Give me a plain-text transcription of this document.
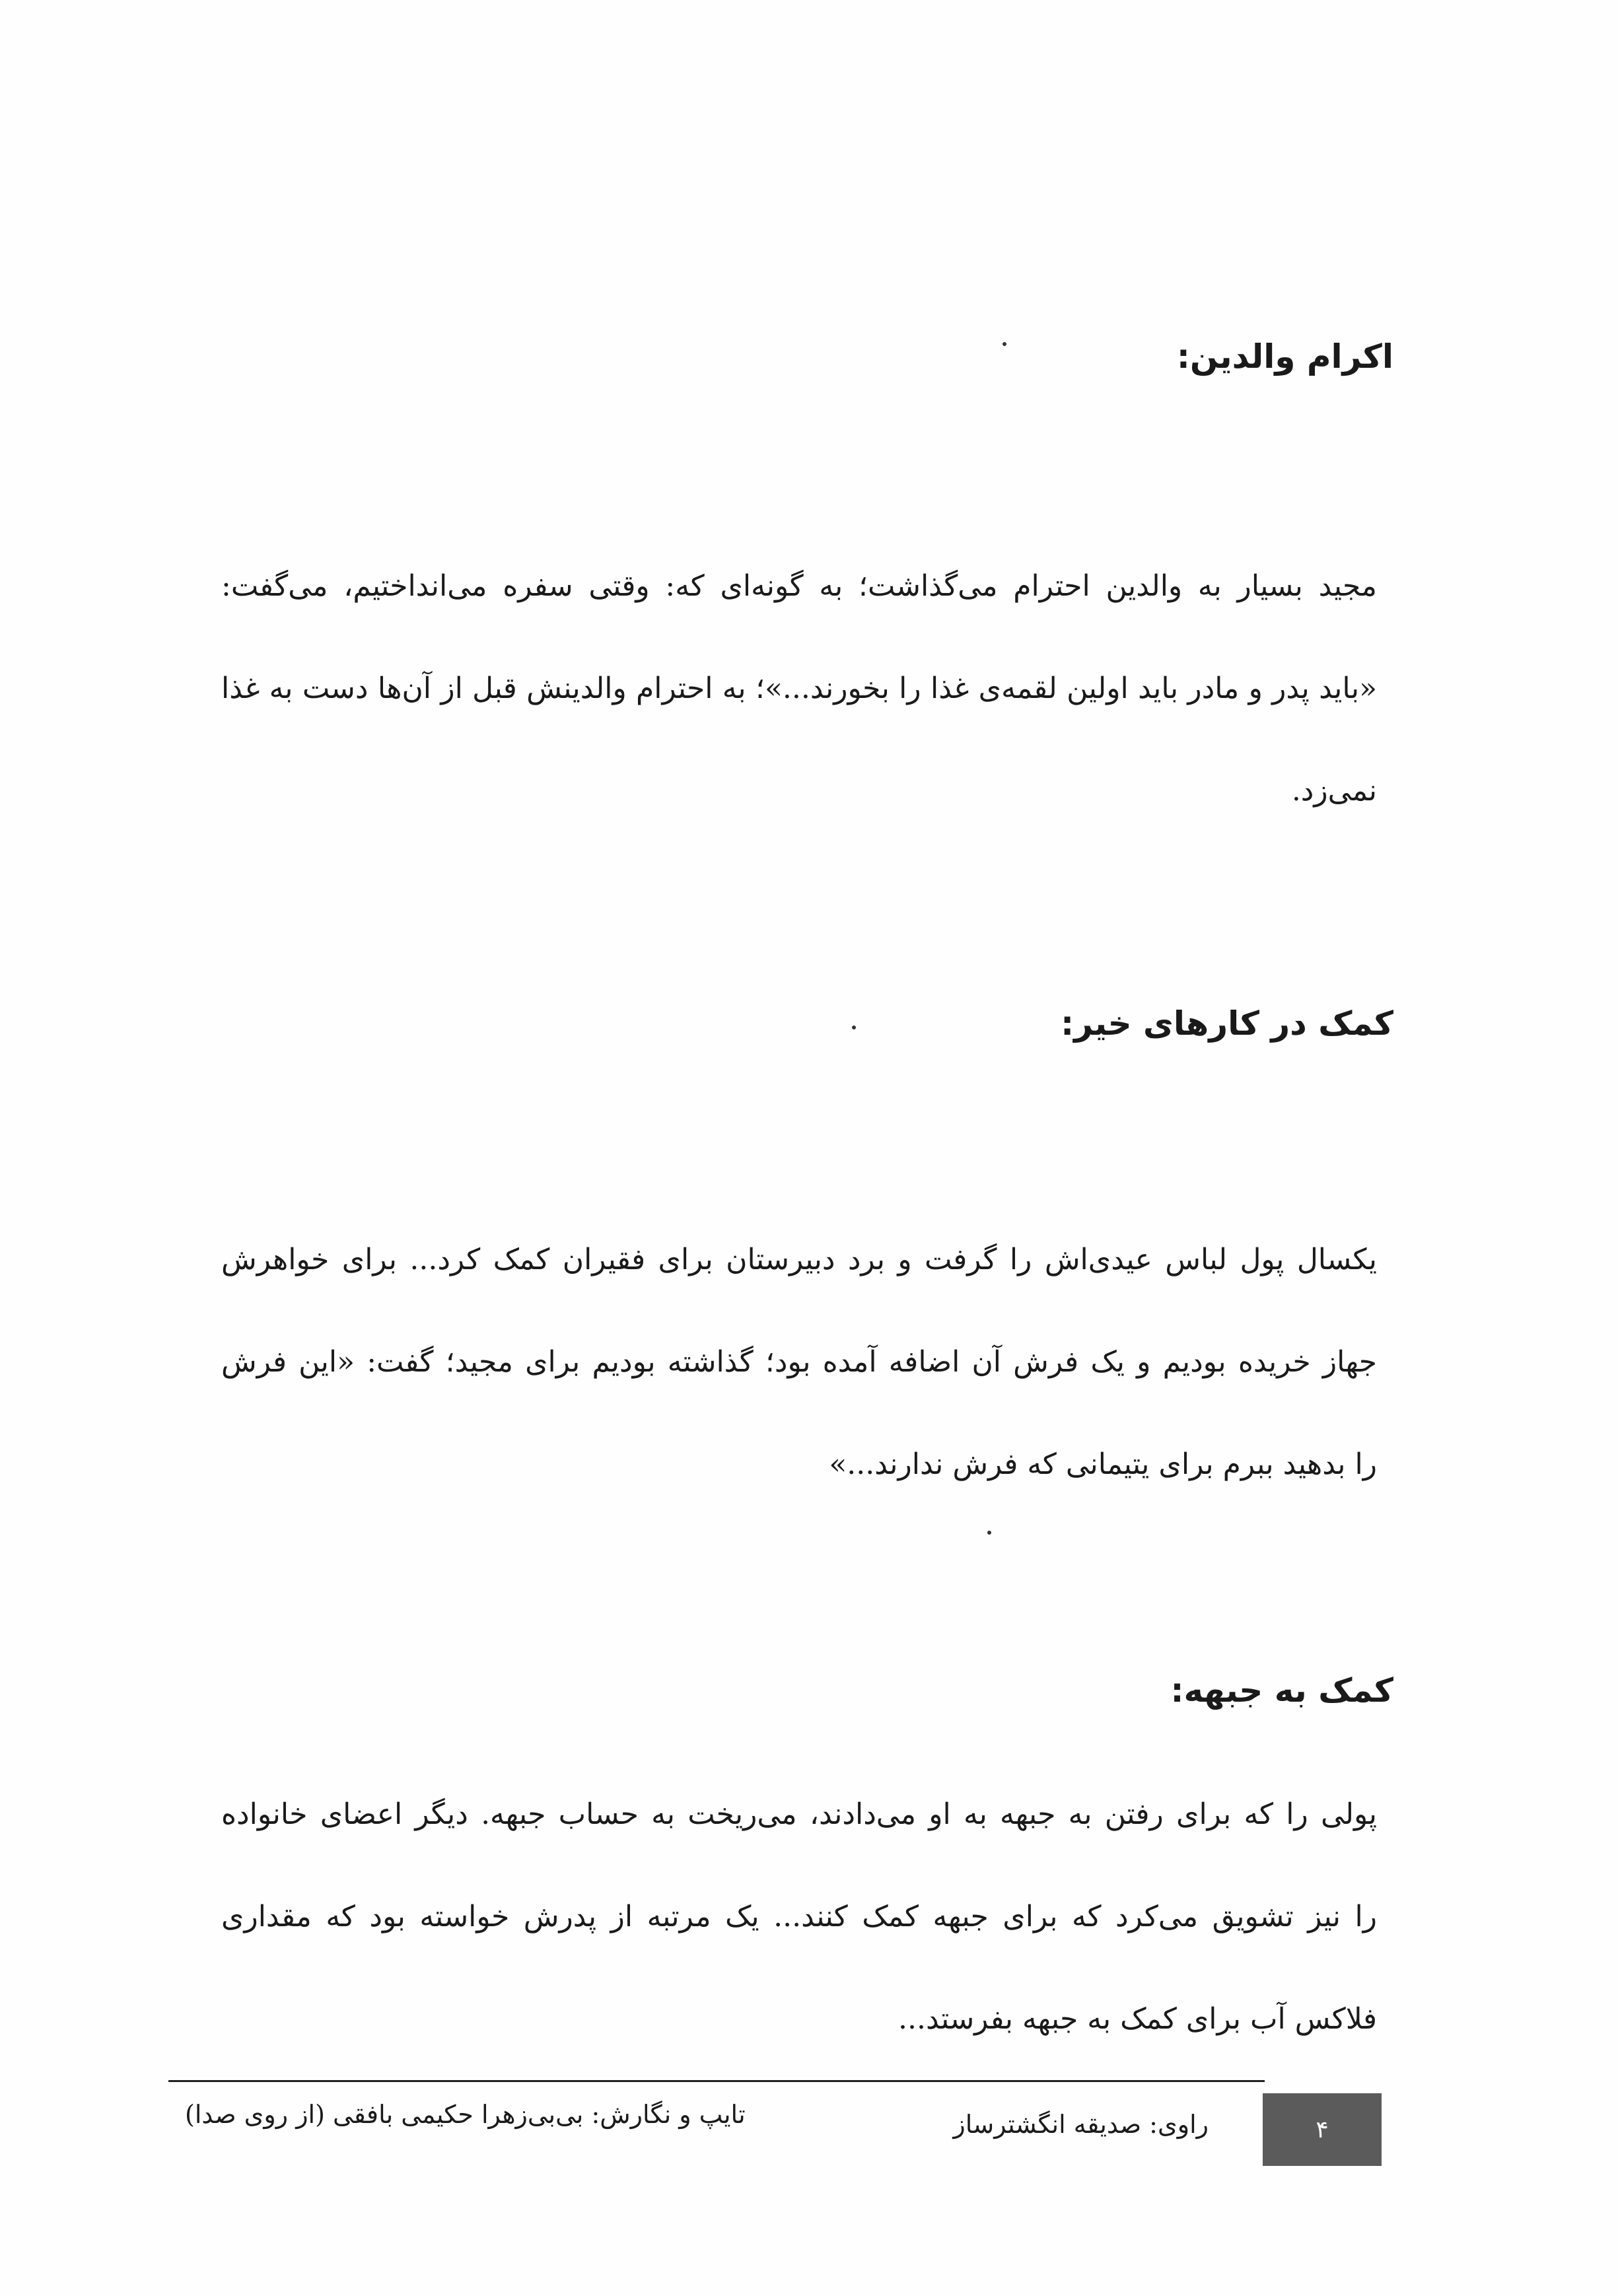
اکرام والدین:
مجید بسیار به والدین احترام می‌گذاشت؛ به گونه‌ای که: وقتی سفره می‌انداختیم، می‌گفت:
«باید پدر و مادر باید اولین لقمه‌ی غذا را بخورند...»؛ به احترام والدینش قبل از آن‌ها دست به غذا
نمی‌زد.
کمک در کارهای خیر:
یکسال پول لباس عیدی‌اش را گرفت و برد دبیرستان برای فقیران کمک کرد... برای خواهرش
جهاز خریده بودیم و یک فرش آن اضافه آمده بود؛ گذاشته بودیم برای مجید؛ گفت: «این فرش
را بدهید ببرم برای یتیمانی که فرش ندارند...»
کمک به جبهه:
پولی را که برای رفتن به جبهه به او می‌دادند، می‌ریخت به حساب جبهه. دیگر اعضای خانواده
را نیز تشویق می‌کرد که برای جبهه کمک کنند... یک مرتبه از پدرش خواسته بود که مقداری
فلاکس آب برای کمک به جبهه بفرستد...
۴
راوی: صدیقه انگشترساز
تایپ و نگارش: بی‌بی‌زهرا حکیمی بافقی (از روی صدا)
